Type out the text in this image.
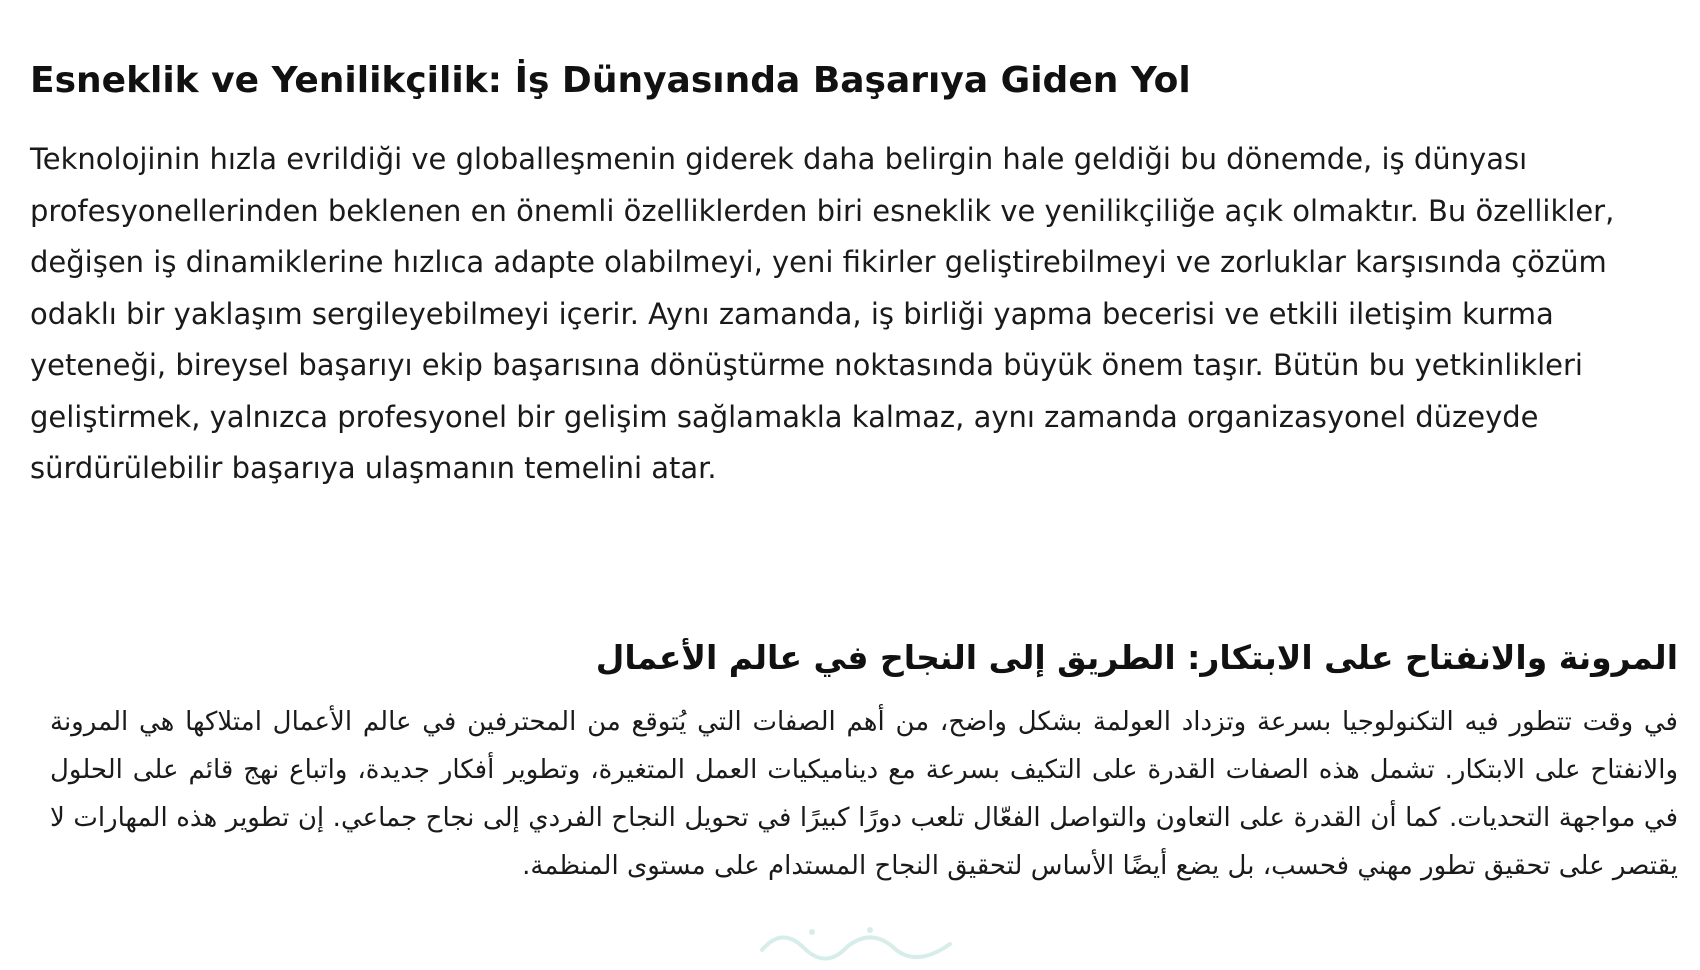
Esneklik ve Yenilikçilik: İş Dünyasında Başarıya Giden Yol

Teknolojinin hızla evrildiği ve globalleşmenin giderek daha belirgin hale geldiği bu dönemde, iş dünyası profesyonellerinden beklenen en önemli özelliklerden biri esneklik ve yenilikçiliğe açık olmaktır. Bu özellikler, değişen iş dinamiklerine hızlıca adapte olabilmeyi, yeni fikirler geliştirebilmeyi ve zorluklar karşısında çözüm odaklı bir yaklaşım sergileyebilmeyi içerir. Aynı zamanda, iş birliği yapma becerisi ve etkili iletişim kurma yeteneği, bireysel başarıyı ekip başarısına dönüştürme noktasında büyük önem taşır. Bütün bu yetkinlikleri geliştirmek, yalnızca profesyonel bir gelişim sağlamakla kalmaz, aynı zamanda organizasyonel düzeyde sürdürülebilir başarıya ulaşmanın temelini atar.

المرونة والانفتاح على الابتكار: الطريق إلى النجاح في عالم الأعمال

في وقت تتطور فيه التكنولوجيا بسرعة وتزداد العولمة بشكل واضح، من أهم الصفات التي يُتوقع من المحترفين في عالم الأعمال امتلاكها هي المرونة والانفتاح على الابتكار. تشمل هذه الصفات القدرة على التكيف بسرعة مع ديناميكيات العمل المتغيرة، وتطوير أفكار جديدة، واتباع نهج قائم على الحلول في مواجهة التحديات. كما أن القدرة على التعاون والتواصل الفعّال تلعب دورًا كبيرًا في تحويل النجاح الفردي إلى نجاح جماعي. إن تطوير هذه المهارات لا يقتصر على تحقيق تطور مهني فحسب، بل يضع أيضًا الأساس لتحقيق النجاح المستدام على مستوى المنظمة.
